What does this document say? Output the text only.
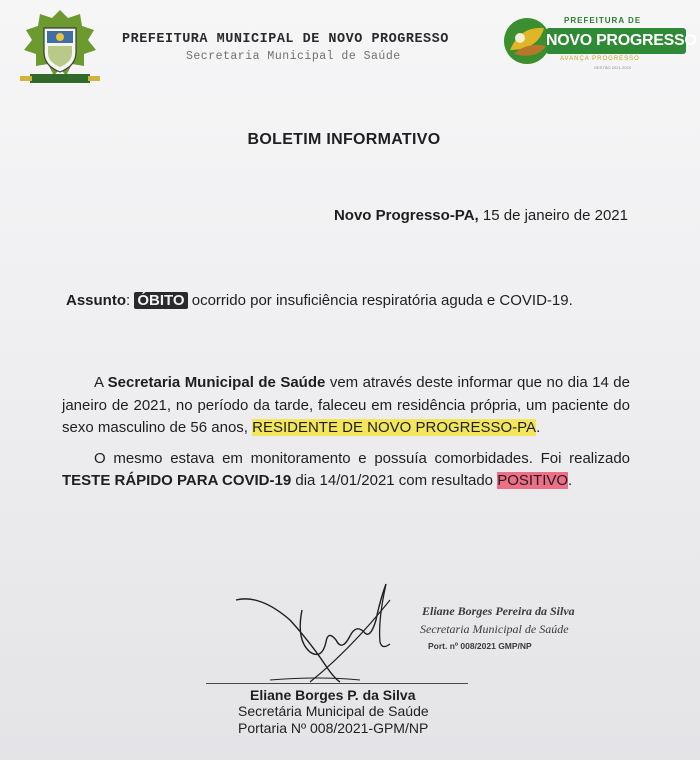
PREFEITURA MUNICIPAL DE NOVO PROGRESSO
Secretaria Municipal de Saúde
PREFEITURA DE
NOVO PROGRESSO
AVANÇA PROGRESSO
GESTÃO 2021-2024
BOLETIM INFORMATIVO
Novo Progresso-PA, 15 de janeiro de 2021
Assunto: ÓBITO ocorrido por insuficiência respiratória aguda e COVID-19.

A Secretaria Municipal de Saúde vem através deste informar que no dia 14 de janeiro de 2021, no período da tarde, faleceu em residência própria, um paciente do sexo masculino de 56 anos, RESIDENTE DE NOVO PROGRESSO-PA.

O mesmo estava em monitoramento e possuía comorbidades. Foi realizado TESTE RÁPIDO PARA COVID-19 dia 14/01/2021 com resultado POSITIVO.

Eliane Borges Pereira da Silva
Secretaria Municipal de Saúde
Port. nº 008/2021 GMP/NP
Eliane Borges P. da Silva
Secretária Municipal de Saúde
Portaria Nº 008/2021-GPM/NP
